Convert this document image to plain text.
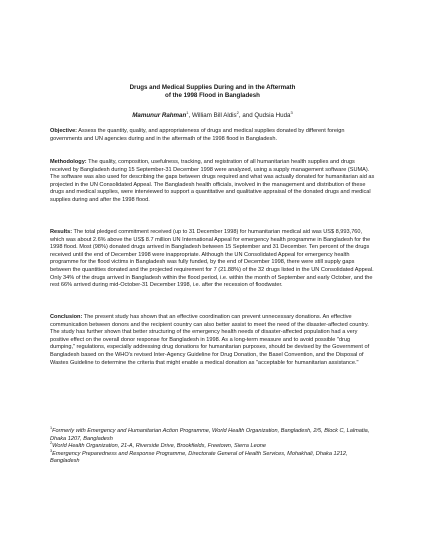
Drugs and Medical Supplies During and in the Aftermath
of the 1998 Flood in Bangladesh
Mamunur Rahman$^1$, William Bill Aldis$^2$, and Qudsia Huda$^3$

Objective: Assess the quantity, quality, and appropriateness of drugs and medical supplies donated by different foreign governments and UN agencies during and in the aftermath of the 1998 flood in Bangladesh.

Methodology: The quality, composition, usefulness, tracking, and registration of all humanitarian health supplies and drugs received by Bangladesh during 15 September-31 December 1998 were analyzed, using a supply management software (SUMA). The software was also used for describing the gaps between drugs required and what was actually donated for humanitarian aid as projected in the UN Consolidated Appeal. The Bangladesh health officials, involved in the management and distribution of these drugs and medical supplies, were interviewed to support a quantitative and qualitative appraisal of the donated drugs and medical supplies during and after the 1998 flood.

Results: The total pledged commitment received (up to 31 December 1998) for humanitarian medical aid was US$ 8,993,760, which was about 2.6% above the US$ 8.7 million UN International Appeal for emergency health programme in Bangladesh for the 1998 flood. Most (98%) donated drugs arrived in Bangladesh between 15 September and 31 December. Ten percent of the drugs received until the end of December 1998 were inappropriate. Although the UN Consolidated Appeal for emergency health programme for the flood victims in Bangladesh was fully funded, by the end of December 1998, there were still supply gaps between the quantities donated and the projected requirement for 7 (21.88%) of the 32 drugs listed in the UN Consolidated Appeal. Only 34% of the drugs arrived in Bangladesh within the flood period, i.e. within the month of September and early October, and the rest 66% arrived during mid-October-31 December 1998, i.e. after the recession of floodwater.

Conclusion: The present study has shown that an effective coordination can prevent unnecessary donations. An effective communication between donors and the recipient country can also better assist to meet the need of the disaster-affected country. The study has further shown that better structuring of the emergency health needs of disaster-affected population had a very positive effect on the overall donor response for Bangladesh in 1998. As a long-term measure and to avoid possible "drug dumping," regulations, especially addressing drug donations for humanitarian purposes, should be devised by the Government of Bangladesh based on the WHO's revised Inter-Agency Guideline for Drug Donation, the Basel Convention, and the Disposal of Wastes Guideline to determine the criteria that might enable a medical donation as "acceptable for humanitarian assistance."

$^1$Formerly with Emergency and Humanitarian Action Programme, World Health Organization, Bangladesh, 2/5, Block C, Lalmatia, Dhaka 1207, Bangladesh

$^2$World Health Organization, 21-A, Riverside Drive, Brookfields, Freetown, Sierra Leone

$^3$Emergency Preparedness and Response Programme, Directorate General of Health Services, Mohakhali, Dhaka 1212, Bangladesh
